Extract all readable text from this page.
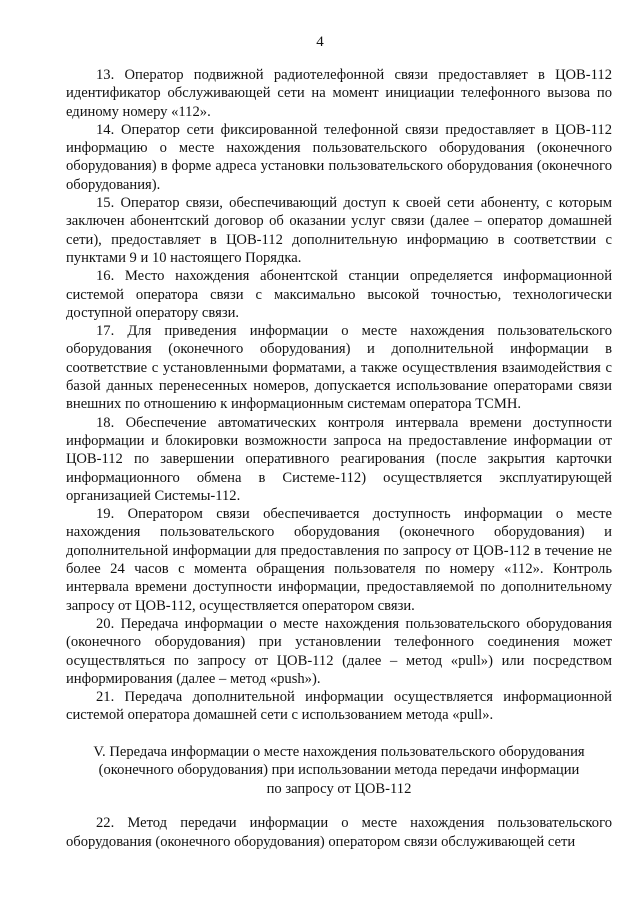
4

13. Оператор подвижной радиотелефонной связи предоставляет в ЦОВ-112 идентификатор обслуживающей сети на момент инициации телефонного вызова по единому номеру «112».

14. Оператор сети фиксированной телефонной связи предоставляет в ЦОВ-112 информацию о месте нахождения пользовательского оборудования (оконечного оборудования) в форме адреса установки пользовательского оборудования (оконечного оборудования).

15. Оператор связи, обеспечивающий доступ к своей сети абоненту, с которым заключен абонентский договор об оказании услуг связи (далее – оператор домашней сети), предоставляет в ЦОВ-112 дополнительную информацию в соответствии с пунктами 9 и 10 настоящего Порядка.

16. Место нахождения абонентской станции определяется информационной системой оператора связи с максимально высокой точностью, технологически доступной оператору связи.

17. Для приведения информации о месте нахождения пользовательского оборудования (оконечного оборудования) и дополнительной информации в соответствие с установленными форматами, а также осуществления взаимодействия с базой данных перенесенных номеров, допускается использование операторами связи внешних по отношению к информационным системам оператора ТСМН.

18. Обеспечение автоматических контроля интервала времени доступности информации и блокировки возможности запроса на предоставление информации от ЦОВ-112 по завершении оперативного реагирования (после закрытия карточки информационного обмена в Системе-112) осуществляется эксплуатирующей организацией Системы-112.

19. Оператором связи обеспечивается доступность информации о месте нахождения пользовательского оборудования (оконечного оборудования) и дополнительной информации для предоставления по запросу от ЦОВ-112 в течение не более 24 часов с момента обращения пользователя по номеру «112». Контроль интервала времени доступности информации, предоставляемой по дополнительному запросу от ЦОВ-112, осуществляется оператором связи.

20. Передача информации о месте нахождения пользовательского оборудования (оконечного оборудования) при установлении телефонного соединения может осуществляться по запросу от ЦОВ-112 (далее – метод «pull») или посредством информирования (далее – метод «push»).

21. Передача дополнительной информации осуществляется информационной системой оператора домашней сети с использованием метода «pull».

V. Передача информации о месте нахождения пользовательского оборудования
(оконечного оборудования) при использовании метода передачи информации
по запросу от ЦОВ-112

22. Метод передачи информации о месте нахождения пользовательского оборудования (оконечного оборудования) оператором связи обслуживающей сети
